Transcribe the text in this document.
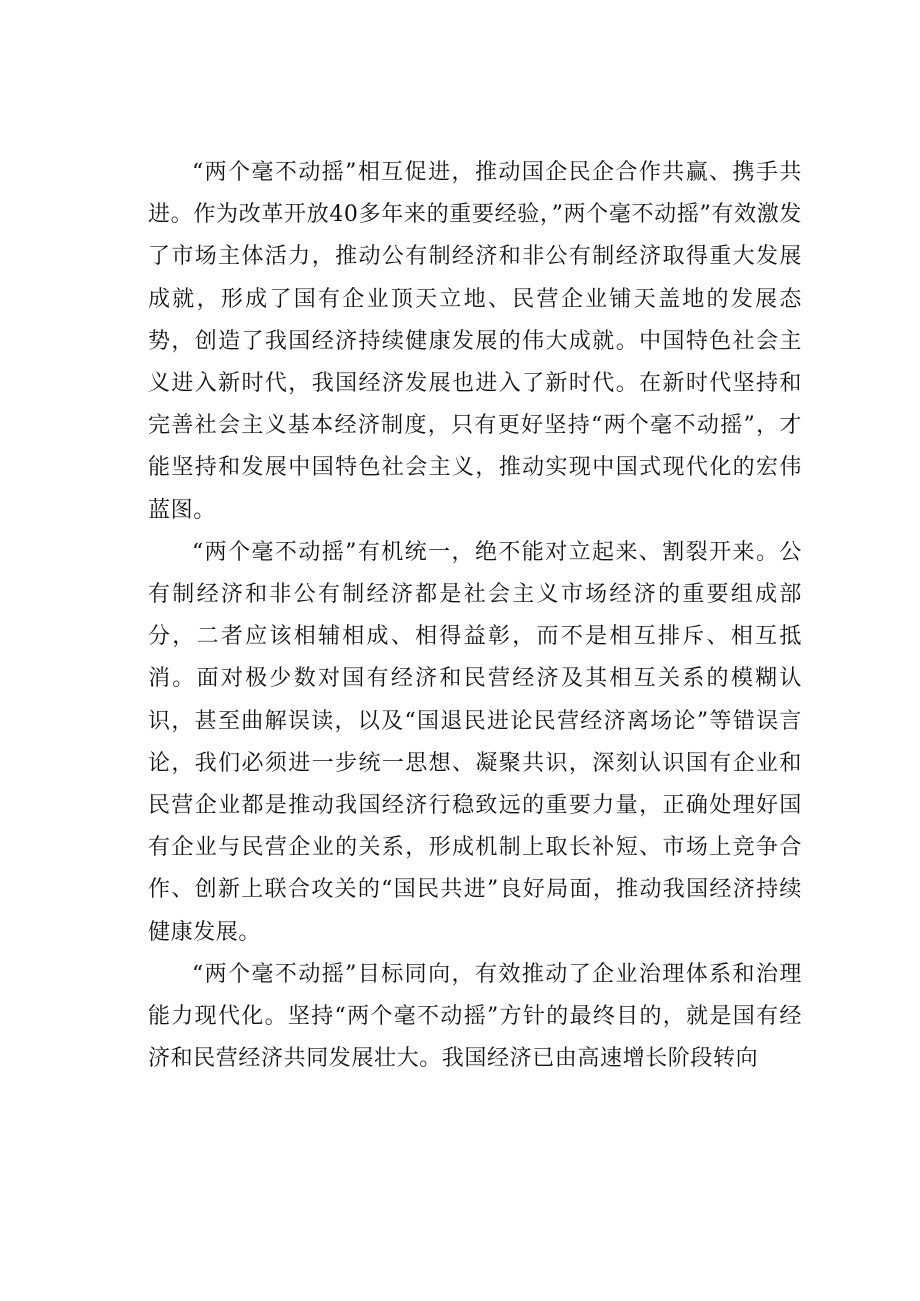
“两个毫不动摇”相互促进，推动国企民企合作共赢、携手共进。作为改革开放40多年来的重要经验，”两个毫不动摇”有效激发了市场主体活力，推动公有制经济和非公有制经济取得重大发展成就，形成了国有企业顶天立地、民营企业铺天盖地的发展态势，创造了我国经济持续健康发展的伟大成就。中国特色社会主义进入新时代，我国经济发展也进入了新时代。在新时代坚持和完善社会主义基本经济制度，只有更好坚持“两个毫不动摇”，才能坚持和发展中国特色社会主义，推动实现中国式现代化的宏伟蓝图。

“两个毫不动摇”有机统一，绝不能对立起来、割裂开来。公有制经济和非公有制经济都是社会主义市场经济的重要组成部分，二者应该相辅相成、相得益彰，而不是相互排斥、相互抵消。面对极少数对国有经济和民营经济及其相互关系的模糊认识，甚至曲解误读，以及“国退民进论民营经济离场论”等错误言论，我们必须进一步统一思想、凝聚共识，深刻认识国有企业和民营企业都是推动我国经济行稳致远的重要力量，正确处理好国有企业与民营企业的关系，形成机制上取长补短、市场上竞争合作、创新上联合攻关的“国民共进”良好局面，推动我国经济持续健康发展。

“两个毫不动摇”目标同向，有效推动了企业治理体系和治理能力现代化。坚持“两个毫不动摇”方针的最终目的，就是国有经济和民营经济共同发展壮大。我国经济已由高速增长阶段转向
